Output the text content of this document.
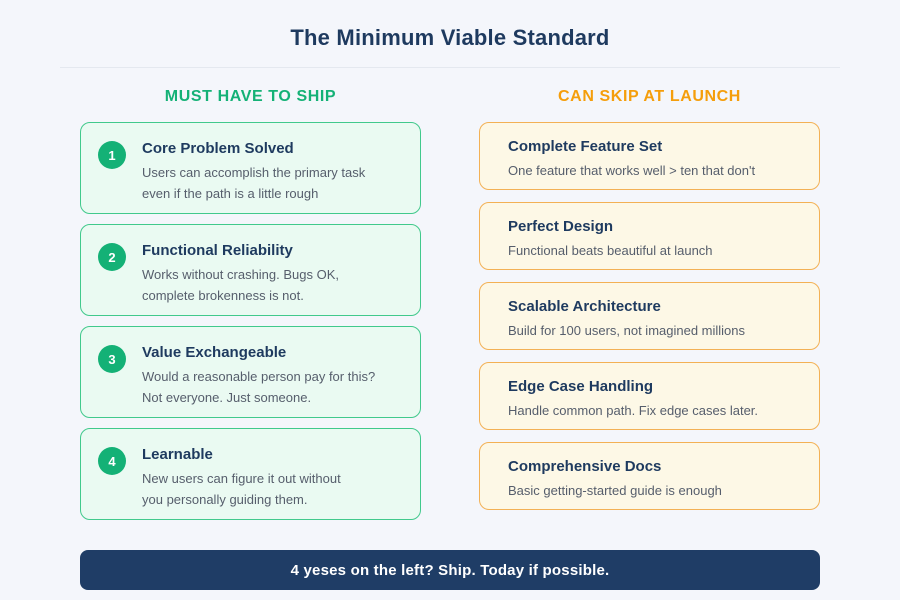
The Minimum Viable Standard
MUST HAVE TO SHIP
1	Core Problem Solved
Users can accomplish the primary task
even if the path is a little rough
2	Functional Reliability
Works without crashing. Bugs OK,
complete brokenness is not.
3	Value Exchangeable
Would a reasonable person pay for this?
Not everyone. Just someone.
4	Learnable
New users can figure it out without
you personally guiding them.
CAN SKIP AT LAUNCH
Complete Feature Set
One feature that works well > ten that don't
Perfect Design
Functional beats beautiful at launch
Scalable Architecture
Build for 100 users, not imagined millions
Edge Case Handling
Handle common path. Fix edge cases later.
Comprehensive Docs
Basic getting-started guide is enough
4 yeses on the left? Ship. Today if possible.
